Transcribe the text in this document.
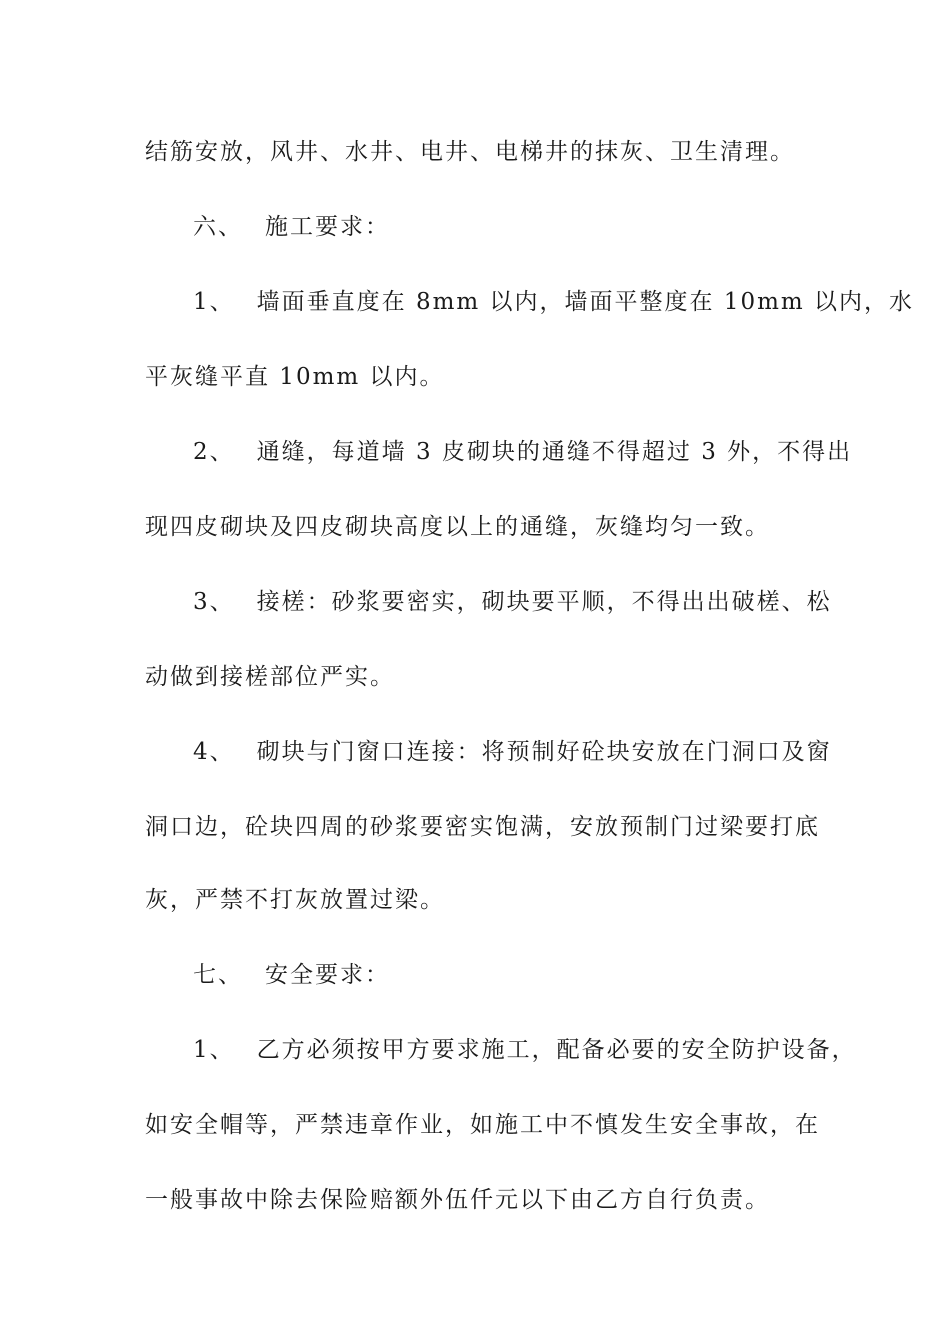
结筋安放，风井、水井、电井、电梯井的抹灰、卫生清理。
六、 施工要求：
1、 墙面垂直度在 8mm 以内，墙面平整度在 10mm 以内，水
平灰缝平直 10mm 以内。
2、 通缝，每道墙 3 皮砌块的通缝不得超过 3 外，不得出
现四皮砌块及四皮砌块高度以上的通缝，灰缝均匀一致。
3、 接槎：砂浆要密实，砌块要平顺，不得出出破槎、松
动做到接槎部位严实。
4、 砌块与门窗口连接：将预制好砼块安放在门洞口及窗
洞口边，砼块四周的砂浆要密实饱满，安放预制门过梁要打底
灰，严禁不打灰放置过梁。
七、 安全要求：
1、 乙方必须按甲方要求施工，配备必要的安全防护设备，
如安全帽等，严禁违章作业，如施工中不慎发生安全事故，在
一般事故中除去保险赔额外伍仟元以下由乙方自行负责。
